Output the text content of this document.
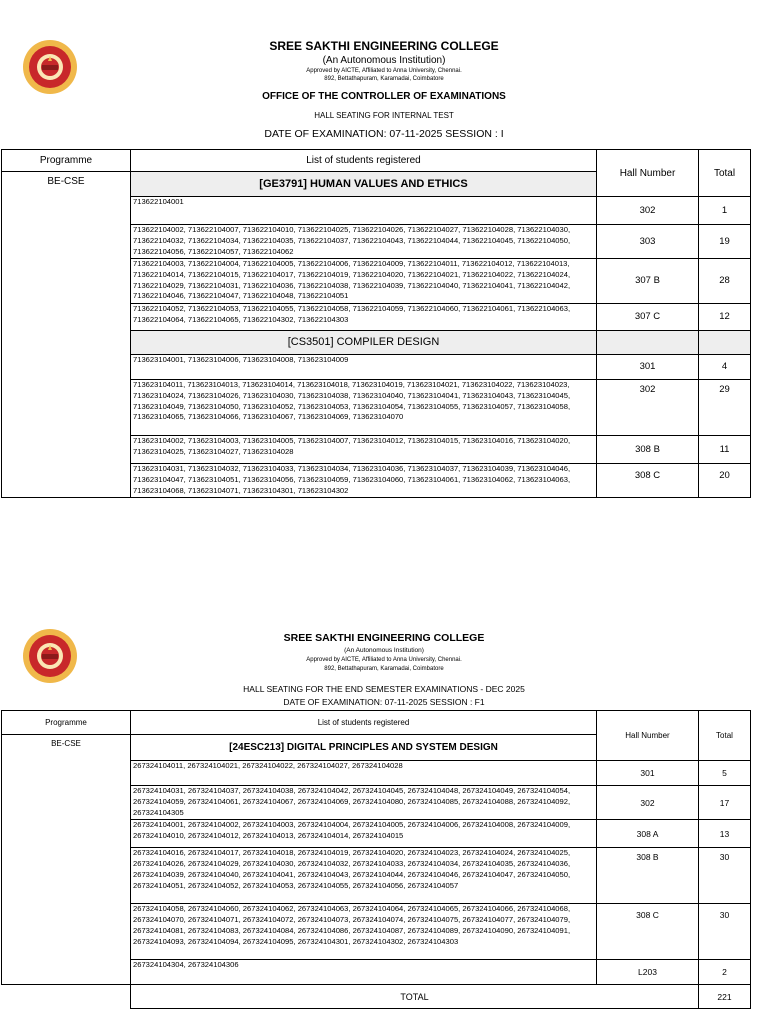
SREE SAKTHI ENGINEERING COLLEGE
(An Autonomous Institution)
Approved by AICTE, Affiliated to Anna University, Chennai.
892, Bettathapuram, Karamadai, Coimbatore
OFFICE OF THE CONTROLLER OF EXAMINATIONS
HALL SEATING FOR INTERNAL TEST
DATE OF EXAMINATION: 07-11-2025 SESSION : I
Programme	List of students registered	Hall Number	Total
BE-CSE	[GE3791] HUMAN VALUES AND ETHICS		
	713622104001	302	1
	713622104002, 713622104007, 713622104010, 713622104025, 713622104026, 713622104027, 713622104028, 713622104030, 713622104032, 713622104034, 713622104035, 713622104037, 713622104043, 713622104044, 713622104045, 713622104050, 713622104056, 713622104057, 713622104062	303	19
	713622104003, 713622104004, 713622104005, 713622104006, 713622104009, 713622104011, 713622104012, 713622104013, 713622104014, 713622104015, 713622104017, 713622104019, 713622104020, 713622104021, 713622104022, 713622104024, 713622104029, 713622104031, 713622104036, 713622104038, 713622104039, 713622104040, 713622104041, 713622104042, 713622104046, 713622104047, 713622104048, 713622104051	307 B	28
	713622104052, 713622104053, 713622104055, 713622104058, 713622104059, 713622104060, 713622104061, 713622104063, 713622104064, 713622104065, 713622104302, 713622104303	307 C	12
	[CS3501] COMPILER DESIGN		
	713623104001, 713623104006, 713623104008, 713623104009	301	4
	713623104011, 713623104013, 713623104014, 713623104018, 713623104019, 713623104021, 713623104022, 713623104023, 713623104024, 713623104026, 713623104030, 713623104038, 713623104040, 713623104041, 713623104043, 713623104045, 713623104049, 713623104050, 713623104052, 713623104053, 713623104054, 713623104055, 713623104057, 713623104058, 713623104065, 713623104066, 713623104067, 713623104069, 713623104070	302	29
	713623104002, 713623104003, 713623104005, 713623104007, 713623104012, 713623104015, 713623104016, 713623104020, 713623104025, 713623104027, 713623104028	308 B	11
	713623104031, 713623104032, 713623104033, 713623104034, 713623104036, 713623104037, 713623104039, 713623104046, 713623104047, 713623104051, 713623104056, 713623104059, 713623104060, 713623104061, 713623104062, 713623104063, 713623104068, 713623104071, 713623104301, 713623104302	308 C	20
SREE SAKTHI ENGINEERING COLLEGE
(An Autonomous Institution)
Approved by AICTE, Affiliated to Anna University, Chennai.
892, Bettathapuram, Karamadai, Coimbatore
HALL SEATING FOR THE END SEMESTER EXAMINATIONS - DEC 2025
DATE OF EXAMINATION: 07-11-2025 SESSION : F1
Programme	List of students registered	Hall Number	Total
BE-CSE	[24ESC213] DIGITAL PRINCIPLES AND SYSTEM DESIGN		
	267324104011, 267324104021, 267324104022, 267324104027, 267324104028	301	5
	267324104031, 267324104037, 267324104038, 267324104042, 267324104045, 267324104048, 267324104049, 267324104054, 267324104059, 267324104061, 267324104067, 267324104069, 267324104080, 267324104085, 267324104088, 267324104092, 267324104305	302	17
	267324104001, 267324104002, 267324104003, 267324104004, 267324104005, 267324104006, 267324104008, 267324104009, 267324104010, 267324104012, 267324104013, 267324104014, 267324104015	308 A	13
	267324104016, 267324104017, 267324104018, 267324104019, 267324104020, 267324104023, 267324104024, 267324104025, 267324104026, 267324104029, 267324104030, 267324104032, 267324104033, 267324104034, 267324104035, 267324104036, 267324104039, 267324104040, 267324104041, 267324104043, 267324104044, 267324104046, 267324104047, 267324104050, 267324104051, 267324104052, 267324104053, 267324104055, 267324104056, 267324104057	308 B	30
	267324104058, 267324104060, 267324104062, 267324104063, 267324104064, 267324104065, 267324104066, 267324104068, 267324104070, 267324104071, 267324104072, 267324104073, 267324104074, 267324104075, 267324104077, 267324104079, 267324104081, 267324104083, 267324104084, 267324104086, 267324104087, 267324104089, 267324104090, 267324104091, 267324104093, 267324104094, 267324104095, 267324104301, 267324104302, 267324104303	308 C	30
	267324104304, 267324104306	L203	2
	TOTAL		221
